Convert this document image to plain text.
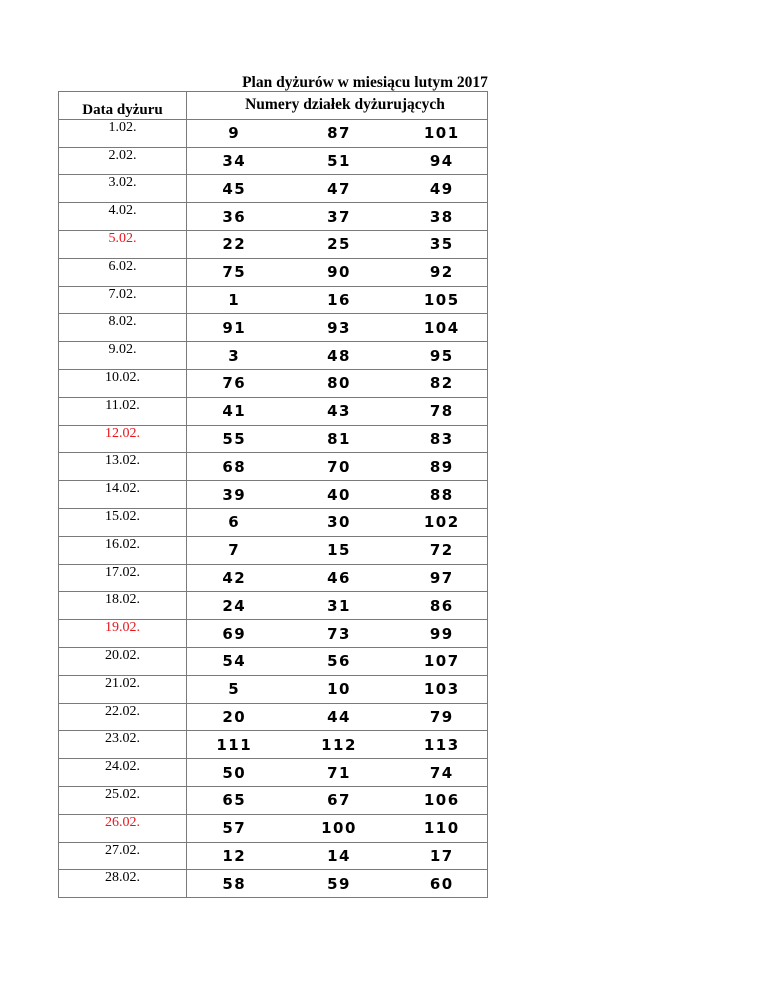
Plan dyżurów w miesiącu lutym 2017
Numery działek dyżurujących
Data dyżuru			
1.02.	9	87	101
2.02.	34	51	94
3.02.	45	47	49
4.02.	36	37	38
5.02.	22	25	35
6.02.	75	90	92
7.02.	1	16	105
8.02.	91	93	104
9.02.	3	48	95
10.02.	76	80	82
11.02.	41	43	78
12.02.	55	81	83
13.02.	68	70	89
14.02.	39	40	88
15.02.	6	30	102
16.02.	7	15	72
17.02.	42	46	97
18.02.	24	31	86
19.02.	69	73	99
20.02.	54	56	107
21.02.	5	10	103
22.02.	20	44	79
23.02.	111	112	113
24.02.	50	71	74
25.02.	65	67	106
26.02.	57	100	110
27.02.	12	14	17
28.02.	58	59	60
